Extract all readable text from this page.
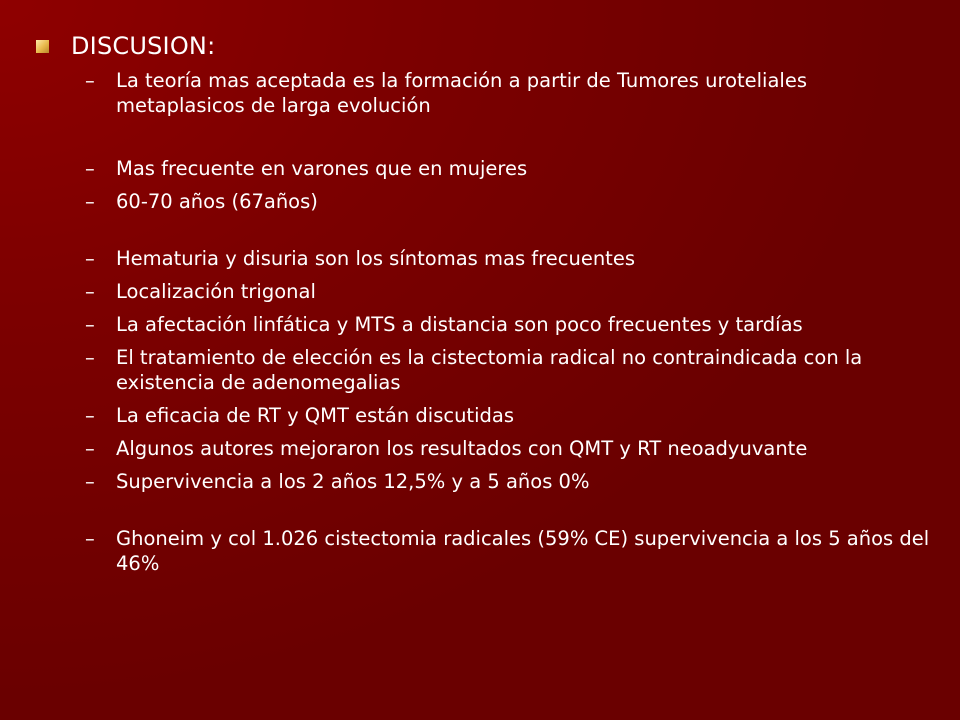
DISCUSION:
– La teoría mas aceptada es la formación a partir de Tumores uroteliales metaplasicos de larga evolución
– Mas frecuente en varones que en mujeres
– 60-70 años (67años)
– Hematuria y disuria son los síntomas mas frecuentes
– Localización trigonal
– La afectación linfática y MTS a distancia son poco frecuentes y tardías
– El tratamiento de elección es la cistectomia radical no contraindicada con la existencia de adenomegalias
– La eficacia de RT y QMT están discutidas
– Algunos autores mejoraron los resultados con QMT y RT neoadyuvante
– Supervivencia a los 2 años 12,5% y a 5 años 0%
– Ghoneim y col 1.026 cistectomia radicales (59% CE) supervivencia a los 5 años del 46%
